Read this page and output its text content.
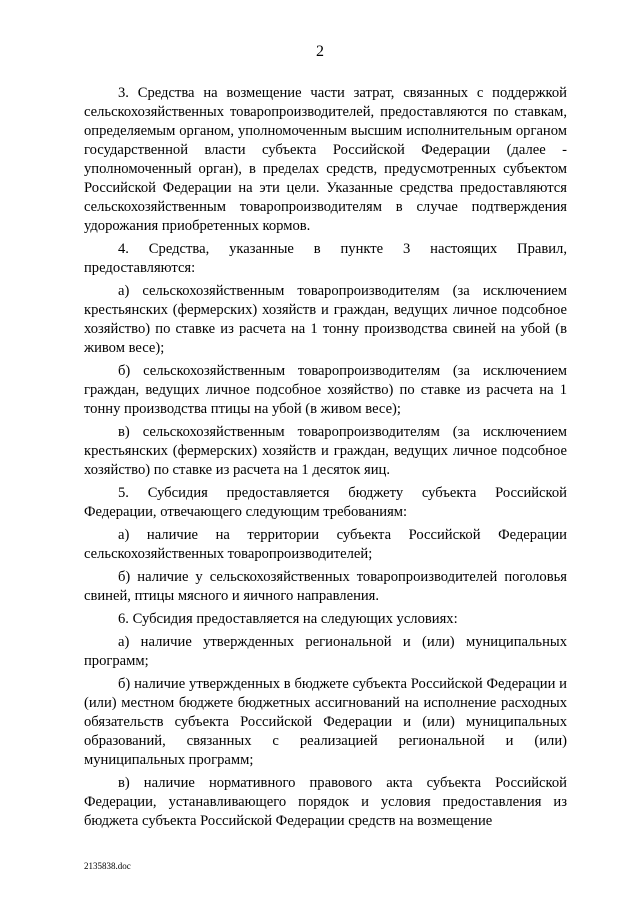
2

3. Средства на возмещение части затрат, связанных с поддержкой сельскохозяйственных товаропроизводителей, предоставляются по ставкам, определяемым органом, уполномоченным высшим исполнительным органом государственной власти субъекта Российской Федерации (далее - уполномоченный орган), в пределах средств, предусмотренных субъектом Российской Федерации на эти цели. Указанные средства предоставляются сельскохозяйственным товаропроизводителям в случае подтверждения удорожания приобретенных кормов.

4. Средства, указанные в пункте 3 настоящих Правил, предоставляются:

а) сельскохозяйственным товаропроизводителям (за исключением крестьянских (фермерских) хозяйств и граждан, ведущих личное подсобное хозяйство) по ставке из расчета на 1 тонну производства свиней на убой (в живом весе);

б) сельскохозяйственным товаропроизводителям (за исключением граждан, ведущих личное подсобное хозяйство) по ставке из расчета на 1 тонну производства птицы на убой (в живом весе);

в) сельскохозяйственным товаропроизводителям (за исключением крестьянских (фермерских) хозяйств и граждан, ведущих личное подсобное хозяйство) по ставке из расчета на 1 десяток яиц.

5. Субсидия предоставляется бюджету субъекта Российской Федерации, отвечающего следующим требованиям:

а) наличие на территории субъекта Российской Федерации сельскохозяйственных товаропроизводителей;

б) наличие у сельскохозяйственных товаропроизводителей поголовья свиней, птицы мясного и яичного направления.

6. Субсидия предоставляется на следующих условиях:

а) наличие утвержденных региональной и (или) муниципальных программ;

б) наличие утвержденных в бюджете субъекта Российской Федерации и (или) местном бюджете бюджетных ассигнований на исполнение расходных обязательств субъекта Российской Федерации и (или) муниципальных образований, связанных с реализацией региональной и (или) муниципальных программ;

в) наличие нормативного правового акта субъекта Российской Федерации, устанавливающего порядок и условия предоставления из бюджета субъекта Российской Федерации средств на возмещение

2135838.doc
